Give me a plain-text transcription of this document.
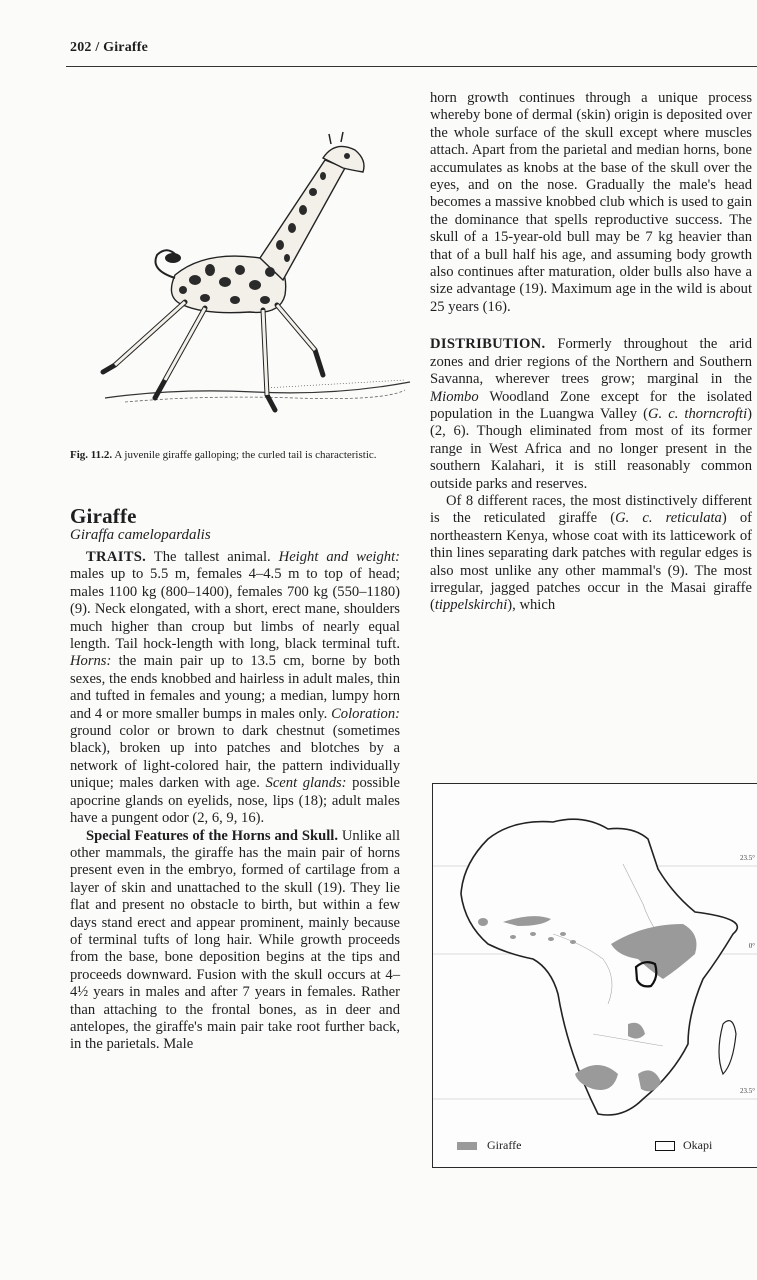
202 / Giraffe
Fig. 11.2. A juvenile giraffe galloping; the curled tail is characteristic.
Giraffe
Giraffa camelopardalis

TRAITS. The tallest animal. Height and weight: males up to 5.5 m, females 4–4.5 m to top of head; males 1100 kg (800–1400), females 700 kg (550–1180) (9). Neck elongated, with a short, erect mane, shoulders much higher than croup but limbs of nearly equal length. Tail hock-length with long, black terminal tuft. Horns: the main pair up to 13.5 cm, borne by both sexes, the ends knobbed and hairless in adult males, thin and tufted in females and young; a median, lumpy horn and 4 or more smaller bumps in males only. Coloration: ground color or brown to dark chestnut (sometimes black), broken up into patches and blotches by a network of light-colored hair, the pattern individually unique; males darken with age. Scent glands: possible apocrine glands on eyelids, nose, lips (18); adult males have a pungent odor (2, 6, 9, 16).

Special Features of the Horns and Skull. Unlike all other mammals, the giraffe has the main pair of horns present even in the embryo, formed of cartilage from a layer of skin and unattached to the skull (19). They lie flat and present no obstacle to birth, but within a few days stand erect and appear prominent, mainly because of terminal tufts of long hair. While growth proceeds from the base, bone deposition begins at the tips and proceeds downward. Fusion with the skull occurs at 4–4½ years in males and after 7 years in females. Rather than attaching to the frontal bones, as in deer and antelopes, the giraffe's main pair take root further back, in the parietals. Male

horn growth continues through a unique process whereby bone of dermal (skin) origin is deposited over the whole surface of the skull except where muscles attach. Apart from the parietal and median horns, bone accumulates as knobs at the base of the skull over the eyes, and on the nose. Gradually the male's head becomes a massive knobbed club which is used to gain the dominance that spells reproductive success. The skull of a 15-year-old bull may be 7 kg heavier than that of a bull half his age, and assuming body growth also continues after maturation, older bulls also have a size advantage (19). Maximum age in the wild is about 25 years (16).

DISTRIBUTION. Formerly throughout the arid zones and drier regions of the Northern and Southern Savanna, wherever trees grow; marginal in the Miombo Woodland Zone except for the isolated population in the Luangwa Valley (G. c. thorncrofti) (2, 6). Though eliminated from most of its former range in West Africa and no longer present in the southern Kalahari, it is still reasonably common outside parks and reserves.

Of 8 different races, the most distinctively different is the reticulated giraffe (G. c. reticulata) of northeastern Kenya, whose coat with its latticework of thin lines separating dark patches with regular edges is also most unlike any other mammal's (9). The most irregular, jagged patches occur in the Masai giraffe (tippelskirchi), which

23.5°
0°
23.5°
Giraffe	Okapi
